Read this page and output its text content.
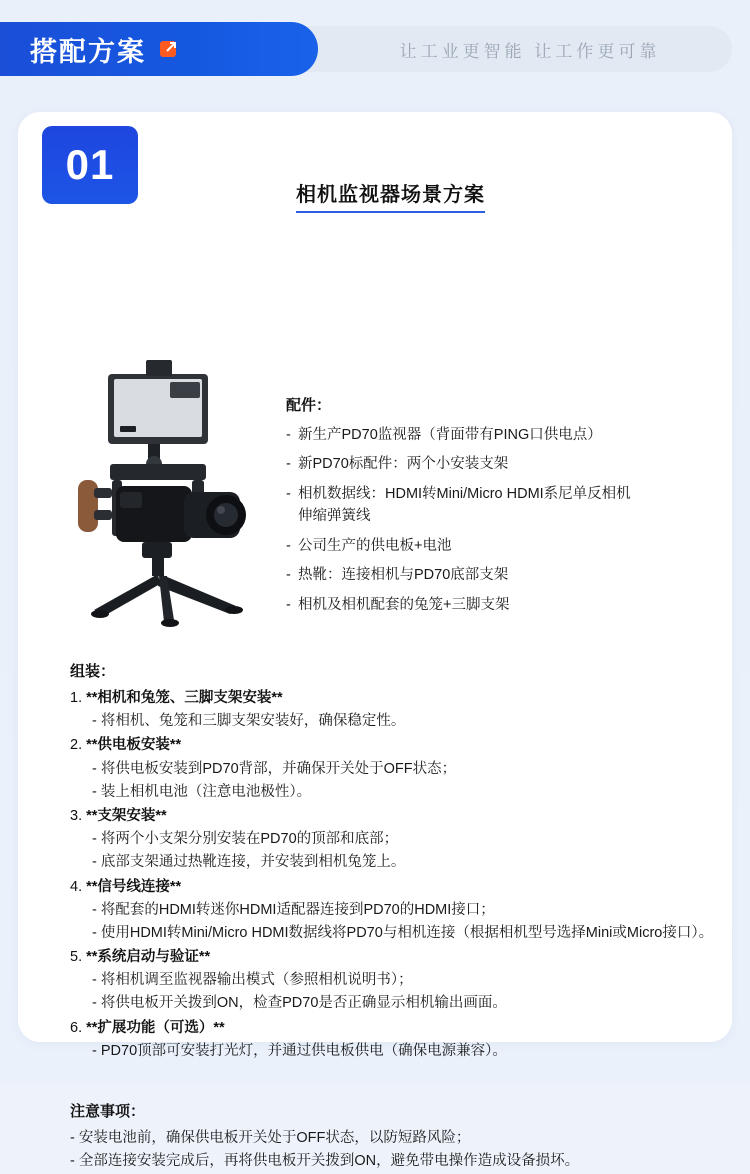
让工业更智能 让工作更可靠
搭配方案
01
相机监视器场景方案
配件：
- 新生产PD70监视器（背面带有PING口供电点）
- 新PD70标配件：两个小安装支架
- 相机数据线：HDMI转Mini/Micro HDMI系尼单反相机
伸缩弹簧线
- 公司生产的供电板+电池
- 热靴：连接相机与PD70底部支架
- 相机及相机配套的兔笼+三脚支架
组装：
1. **相机和兔笼、三脚支架安装**
- 将相机、兔笼和三脚支架安装好，确保稳定性。
2. **供电板安装**
- 将供电板安装到PD70背部，并确保开关处于OFF状态；
- 装上相机电池（注意电池极性）。
3. **支架安装**
- 将两个小支架分别安装在PD70的顶部和底部；
- 底部支架通过热靴连接，并安装到相机兔笼上。
4. **信号线连接**
- 将配套的HDMI转迷你HDMI适配器连接到PD70的HDMI接口；
- 使用HDMI转Mini/Micro HDMI数据线将PD70与相机连接（根据相机型号选择Mini或Micro接口）。
5. **系统启动与验证**
- 将相机调至监视器输出模式（参照相机说明书）；
- 将供电板开关拨到ON，检查PD70是否正确显示相机输出画面。
6. **扩展功能（可选）**
- PD70顶部可安装打光灯，并通过供电板供电（确保电源兼容）。
注意事项：
- 安装电池前，确保供电板开关处于OFF状态，以防短路风险；
- 全部连接安装完成后，再将供电板开关拨到ON，避免带电操作造成设备损坏。
